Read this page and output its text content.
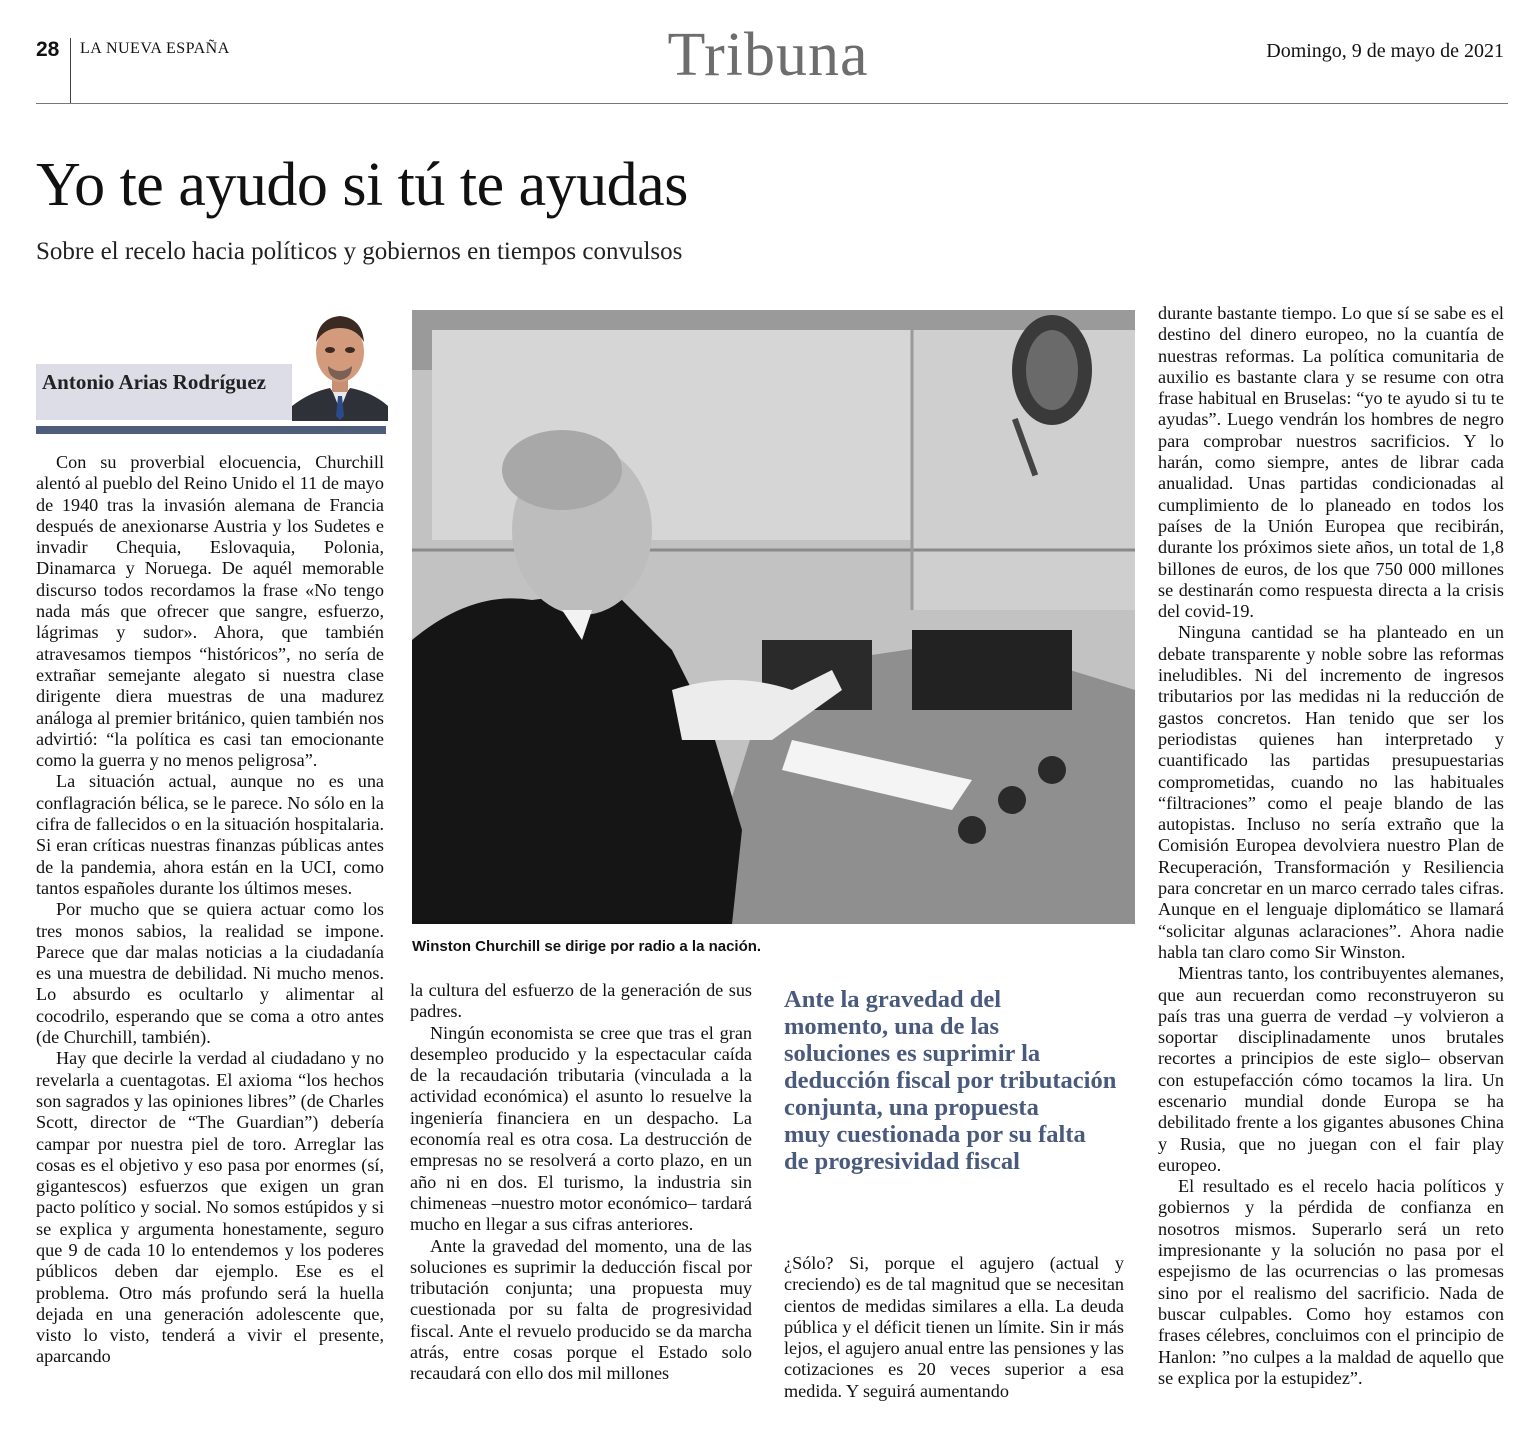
28 LA NUEVA ESPAÑA	Tribuna	Domingo, 9 de mayo de 2021
Yo te ayudo si tú te ayudas
Sobre el recelo hacia políticos y gobiernos en tiempos convulsos
Antonio Arias Rodríguez

Con su proverbial elocuencia, Churchill alentó al pueblo del Reino Unido el 11 de mayo de 1940 tras la invasión alemana de Francia después de anexionarse Austria y los Sudetes e invadir Chequia, Eslovaquia, Polonia, Dinamarca y Noruega. De aquél memorable discurso todos recordamos la frase «No tengo nada más que ofrecer que sangre, esfuerzo, lágrimas y sudor». Ahora, que también atravesamos tiempos “históricos”, no sería de extrañar semejante alegato si nuestra clase dirigente diera muestras de una madurez análoga al premier británico, quien también nos advirtió: “la política es casi tan emocionante como la guerra y no menos peligrosa”.

La situación actual, aunque no es una conflagración bélica, se le parece. No sólo en la cifra de fallecidos o en la situación hospitalaria. Si eran críticas nuestras finanzas públicas antes de la pandemia, ahora están en la UCI, como tantos españoles durante los últimos meses.

Por mucho que se quiera actuar como los tres monos sabios, la realidad se impone. Parece que dar malas noticias a la ciudadanía es una muestra de debilidad. Ni mucho menos. Lo absurdo es ocultarlo y alimentar al cocodrilo, esperando que se coma a otro antes (de Churchill, también).

Hay que decirle la verdad al ciudadano y no revelarla a cuentagotas. El axioma “los hechos son sagrados y las opiniones libres” (de Charles Scott, director de “The Guardian”) debería campar por nuestra piel de toro. Arreglar las cosas es el objetivo y eso pasa por enormes (sí, gigantescos) esfuerzos que exigen un gran pacto político y social. No somos estúpidos y si se explica y argumenta honestamente, seguro que 9 de cada 10 lo entendemos y los poderes públicos deben dar ejemplo. Ese es el problema. Otro más profundo será la huella dejada en una generación adolescente que, visto lo visto, tenderá a vivir el presente, aparcando

Winston Churchill se dirige por radio a la nación.

la cultura del esfuerzo de la generación de sus padres.

Ningún economista se cree que tras el gran desempleo producido y la espectacular caída de la recaudación tributaria (vinculada a la actividad económica) el asunto lo resuelve la ingeniería financiera en un despacho. La economía real es otra cosa. La destrucción de empresas no se resolverá a corto plazo, en un año ni en dos. El turismo, la industria sin chimeneas –nuestro motor económico– tardará mucho en llegar a sus cifras anteriores.

Ante la gravedad del momento, una de las soluciones es suprimir la deducción fiscal por tributación conjunta; una propuesta muy cuestionada por su falta de progresividad fiscal. Ante el revuelo producido se da marcha atrás, entre cosas porque el Estado solo recaudará con ello dos mil millones

Ante la gravedad del
momento, una de las
soluciones es suprimir la
deducción fiscal por tributación
conjunta, una propuesta
muy cuestionada por su falta
de progresividad fiscal

¿Sólo? Si, porque el agujero (actual y creciendo) es de tal magnitud que se necesitan cientos de medidas similares a ella. La deuda pública y el déficit tienen un límite. Sin ir más lejos, el agujero anual entre las pensiones y las cotizaciones es 20 veces superior a esa medida. Y seguirá aumentando

durante bastante tiempo. Lo que sí se sabe es el destino del dinero europeo, no la cuantía de nuestras reformas. La política comunitaria de auxilio es bastante clara y se resume con otra frase habitual en Bruselas: “yo te ayudo si tu te ayudas”. Luego vendrán los hombres de negro para comprobar nuestros sacrificios. Y lo harán, como siempre, antes de librar cada anualidad. Unas partidas condicionadas al cumplimiento de lo planeado en todos los países de la Unión Europea que recibirán, durante los próximos siete años, un total de 1,8 billones de euros, de los que 750 000 millones se destinarán como respuesta directa a la crisis del covid-19.

Ninguna cantidad se ha planteado en un debate transparente y noble sobre las reformas ineludibles. Ni del incremento de ingresos tributarios por las medidas ni la reducción de gastos concretos. Han tenido que ser los periodistas quienes han interpretado y cuantificado las partidas presupuestarias comprometidas, cuando no las habituales “filtraciones” como el peaje blando de las autopistas. Incluso no sería extraño que la Comisión Europea devolviera nuestro Plan de Recuperación, Transformación y Resiliencia para concretar en un marco cerrado tales cifras. Aunque en el lenguaje diplomático se llamará “solicitar algunas aclaraciones”. Ahora nadie habla tan claro como Sir Winston.

Mientras tanto, los contribuyentes alemanes, que aun recuerdan como reconstruyeron su país tras una guerra de verdad –y volvieron a soportar disciplinadamente unos brutales recortes a principios de este siglo– observan con estupefacción cómo tocamos la lira. Un escenario mundial donde Europa se ha debilitado frente a los gigantes abusones China y Rusia, que no juegan con el fair play europeo.

El resultado es el recelo hacia políticos y gobiernos y la pérdida de confianza en nosotros mismos. Superarlo será un reto impresionante y la solución no pasa por el espejismo de las ocurrencias o las promesas sino por el realismo del sacrificio. Nada de buscar culpables. Como hoy estamos con frases célebres, concluimos con el principio de Hanlon: ”no culpes a la maldad de aquello que se explica por la estupidez”.
